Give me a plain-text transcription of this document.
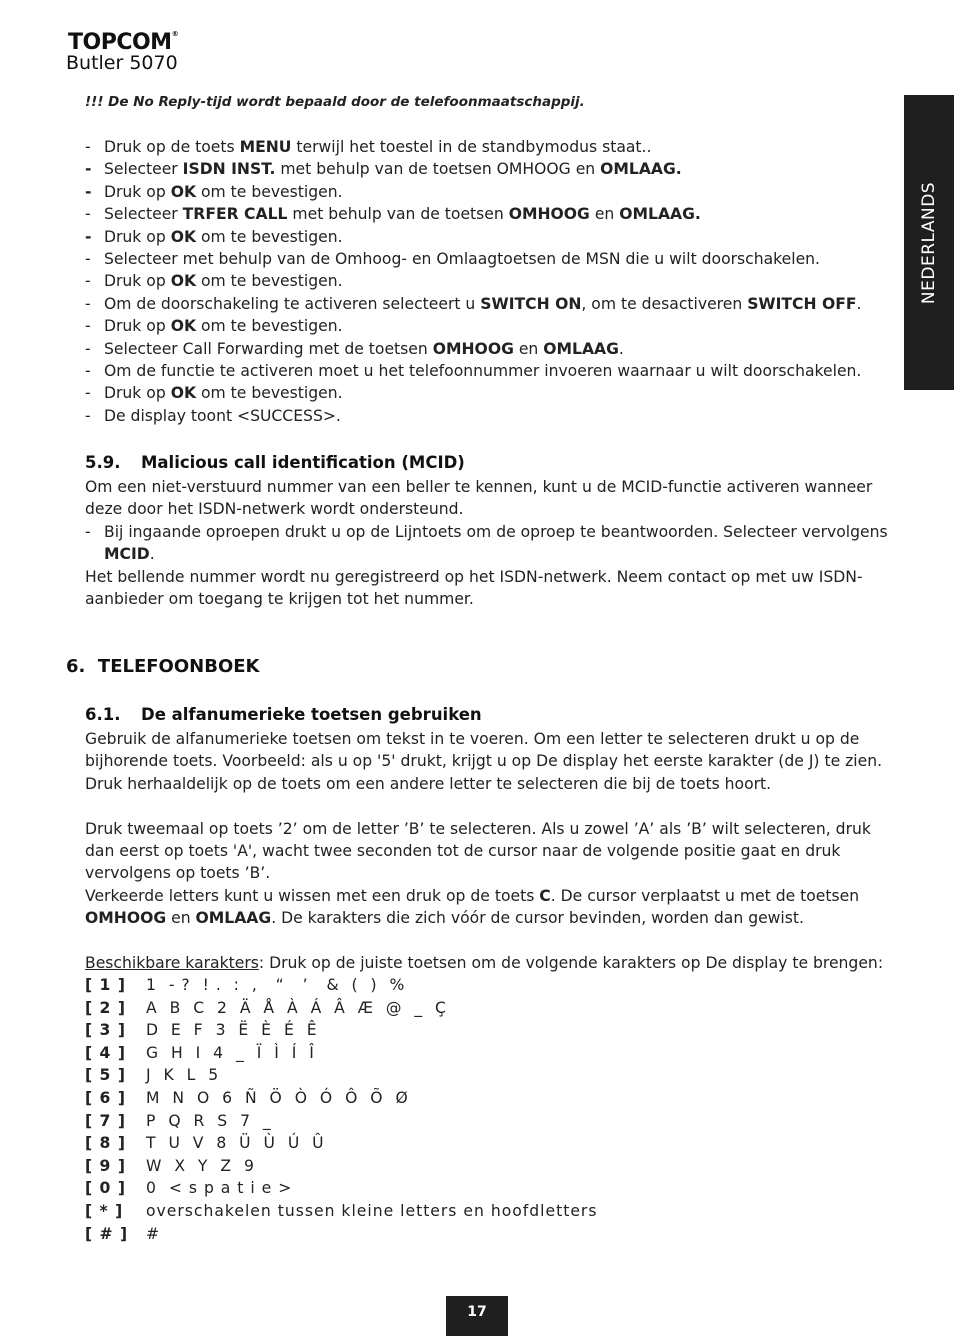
TOPCOM®
Butler 5070
NEDERLANDS
!!! De No Reply-tijd wordt bepaald door de telefoonmaatschappij.
- Druk op de toets MENU terwijl het toestel in de standbymodus staat..
- Selecteer ISDN INST. met behulp van de toetsen OMHOOG en OMLAAG.
- Druk op OK om te bevestigen.
- Selecteer TRFER CALL met behulp van de toetsen OMHOOG en OMLAAG.
- Druk op OK om te bevestigen.
- Selecteer met behulp van de Omhoog- en Omlaagtoetsen de MSN die u wilt doorschakelen.
- Druk op OK om te bevestigen.
- Om de doorschakeling te activeren selecteert u SWITCH ON, om te desactiveren SWITCH OFF.
- Druk op OK om te bevestigen.
- Selecteer Call Forwarding met de toetsen OMHOOG en OMLAAG.
- Om de functie te activeren moet u het telefoonnummer invoeren waarnaar u wilt doorschakelen.
- Druk op OK om te bevestigen.
- De display toont <SUCCESS>.
5.9. Malicious call identification (MCID)

Om een niet-verstuurd nummer van een beller te kennen, kunt u de MCID-functie activeren wanneer

deze door het ISDN-netwerk wordt ondersteund.

- Bij ingaande oproepen drukt u op de Lijntoets om de oproep te beantwoorden. Selecteer vervolgens

MCID.

Het bellende nummer wordt nu geregistreerd op het ISDN-netwerk. Neem contact op met uw ISDN-

aanbieder om toegang te krijgen tot het nummer.

6. TELEFOONBOEK
6.1. De alfanumerieke toetsen gebruiken

Gebruik de alfanumerieke toetsen om tekst in te voeren. Om een letter te selecteren drukt u op de

bijhorende toets. Voorbeeld: als u op '5' drukt, krijgt u op De display het eerste karakter (de J) te zien.

Druk herhaaldelijk op de toets om een andere letter te selecteren die bij de toets hoort.

Druk tweemaal op toets ’2’ om de letter ’B’ te selecteren. Als u zowel ’A’ als ’B’ wilt selecteren, druk

dan eerst op toets 'A', wacht twee seconden tot de cursor naar de volgende positie gaat en druk

vervolgens op toets ’B’.

Verkeerde letters kunt u wissen met een druk op de toets C. De cursor verplaatst u met de toetsen

OMHOOG en OMLAAG. De karakters die zich vóór de cursor bevinden, worden dan gewist.

Beschikbare karakters: Druk op de juiste toetsen om de volgende karakters op De display te brengen:

[ 1 ] 1  - ?  ! .  :  ,   “   ’   &  (  )  %
[ 2 ] A  B  C  2  Ä  Å  À  Á  Â  Æ  @  _  Ç
[ 3 ] D  E  F  3  Ë  È  É  Ê
[ 4 ] G  H  I  4  _  Ï  Ì  Í  Î
[ 5 ] J  K  L  5
[ 6 ] M  N  O  6  Ñ  Ö  Ò  Ó  Ô  Õ  Ø
[ 7 ] P  Q  R  S  7  _
[ 8 ] T  U  V  8  Ü  Ù  Ú  Û
[ 9 ] W  X  Y  Z  9
[ 0 ] 0  < s p a t i e >
[ * ] overschakelen tussen kleine letters en hoofdletters
[ # ] #
17
